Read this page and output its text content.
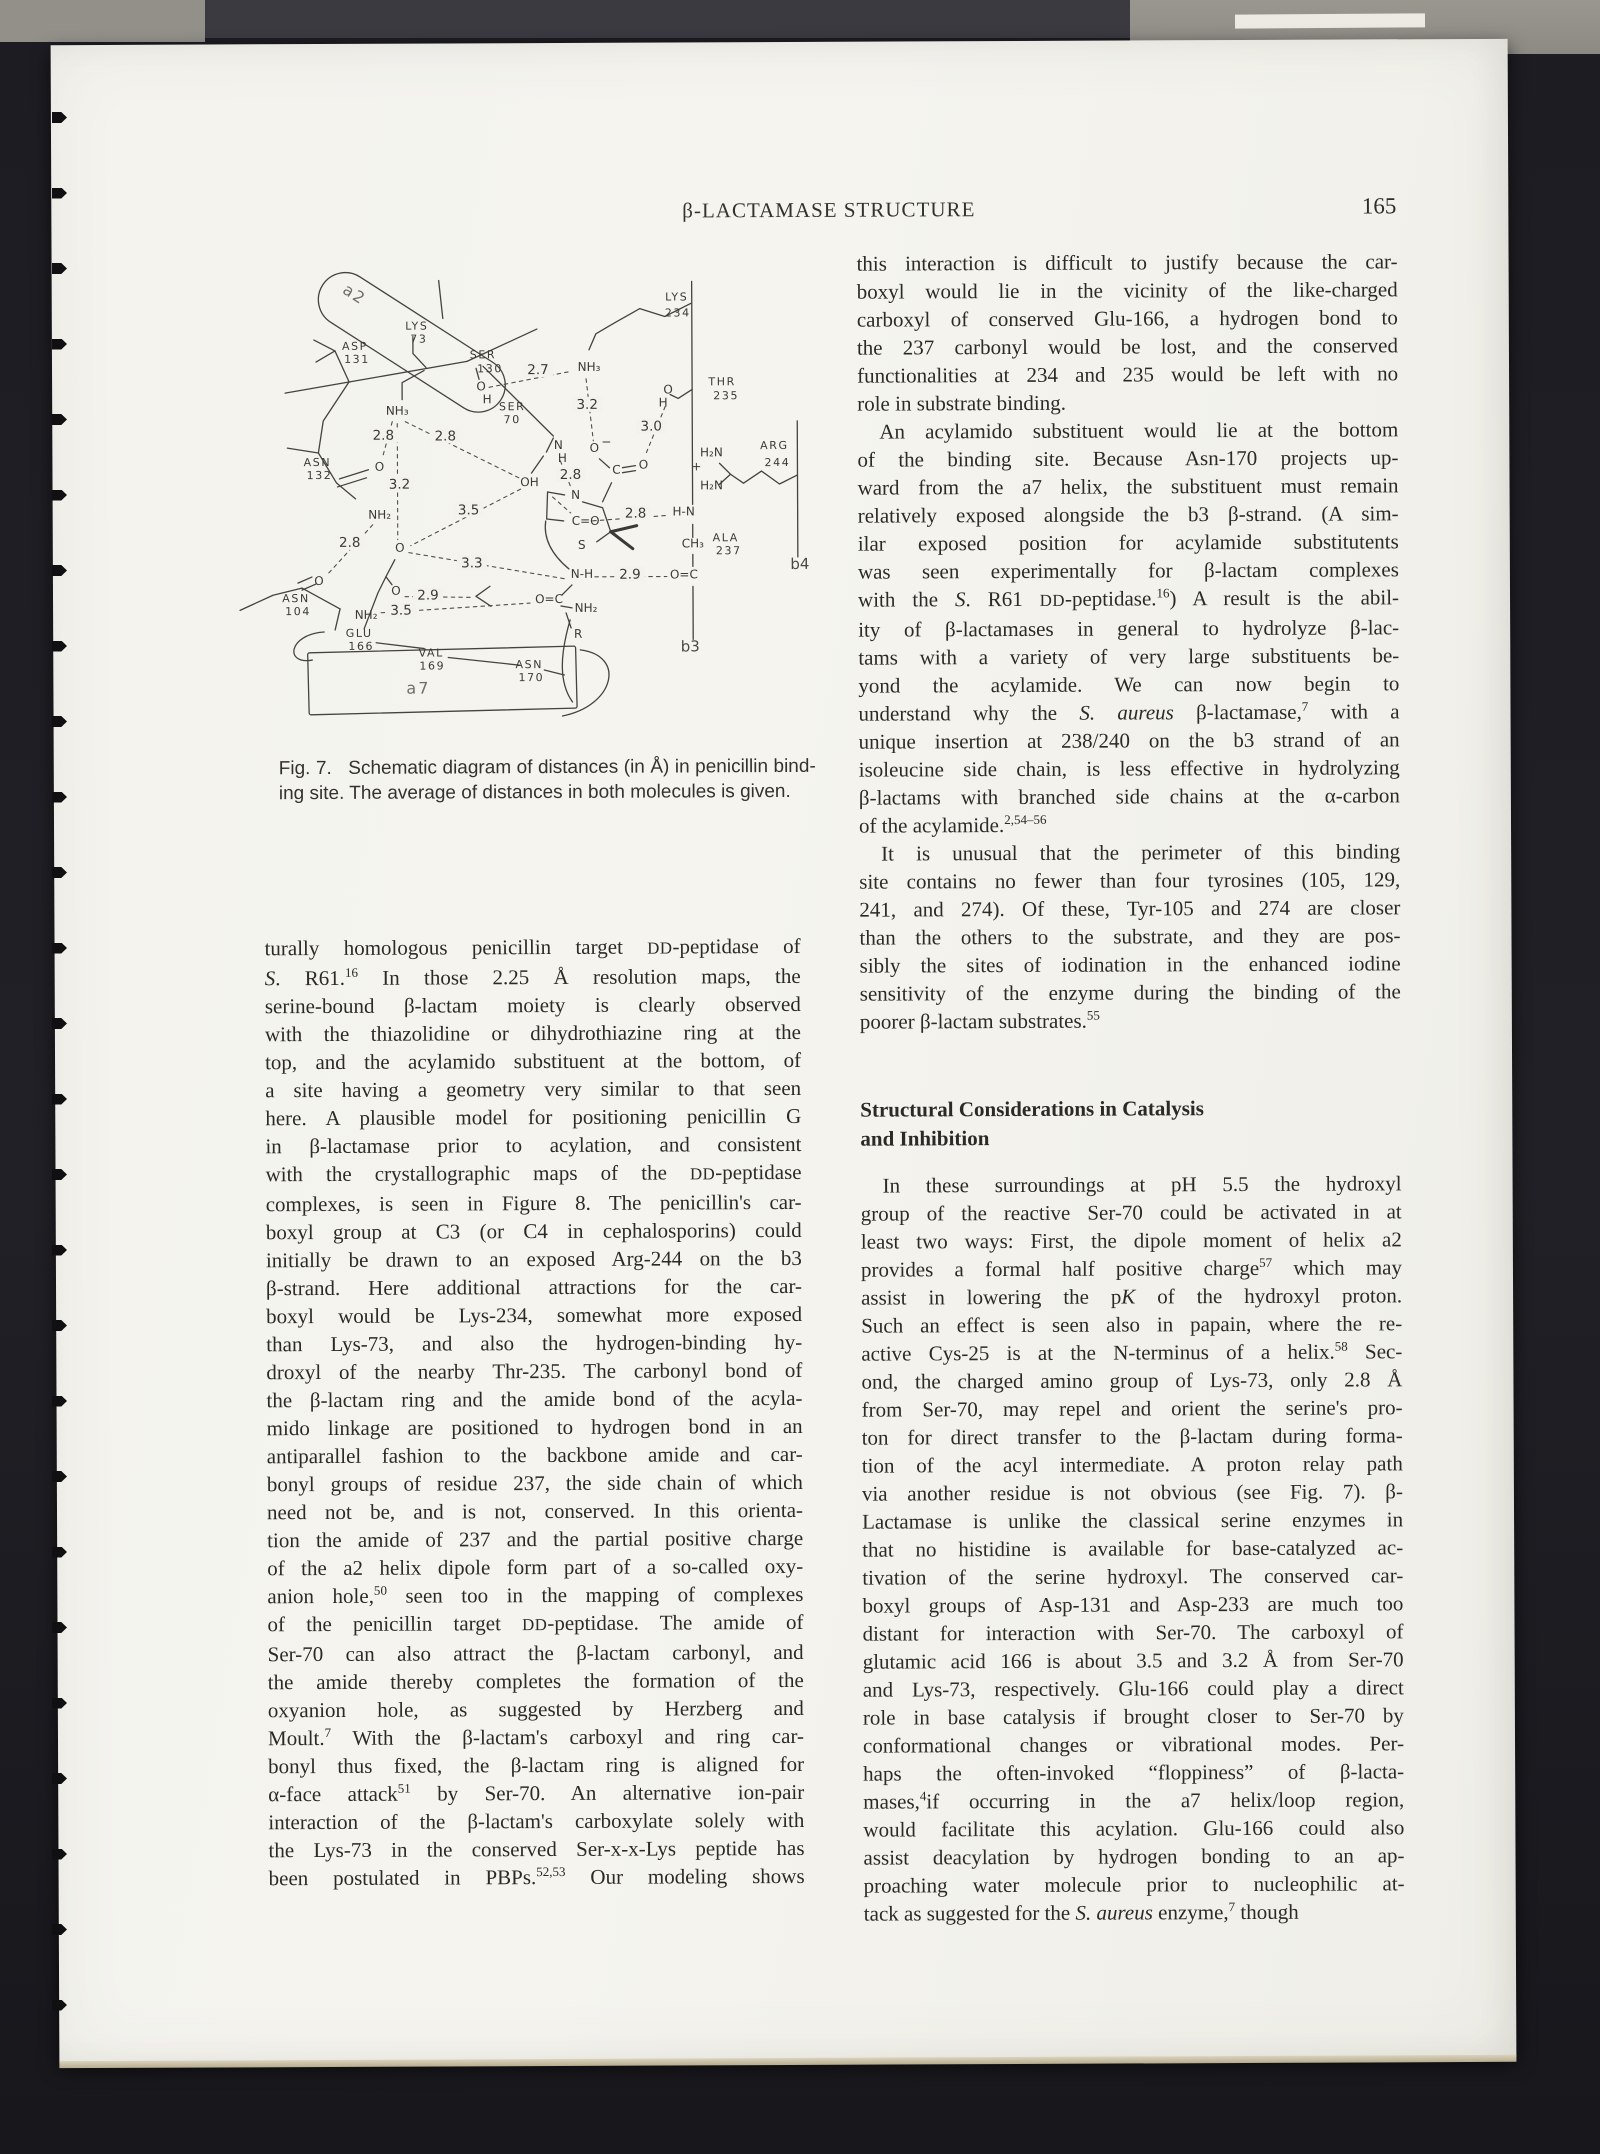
β-LACTAMASE STRUCTURE	165
a2
LYS
73
ASP
131	SER
130
O
H
SER
70
NH₃
2.8	2.8
ASN
132
O
3.2	OH
N
H
NH₂
2.8	O
3.5
3.3
O 2.9
ASN
104
O
NH₂ 3.5
GLU
166
VAL
169	ASN
170
a7
LYS
234
NH₃
2.7
3.2
THR
235
O
H
3.0
ARG
244
H₂N
+
H₂N
O −
C O
2.8
N
C=O 2.8 H-N
S	CH₃ ALA
237
N-H 2.9 O=C
O=C
NH₂
R
b4
b3
Fig. 7.   Schematic diagram of distances (in Å) in penicillin bind-
ing site. The average of distances in both molecules is given.
turally homologous penicillin target DD-peptidase of
S. R61.16 In those 2.25 Å resolution maps, the
serine-bound β-lactam moiety is clearly observed
with the thiazolidine or dihydrothiazine ring at the
top, and the acylamido substituent at the bottom, of
a site having a geometry very similar to that seen
here. A plausible model for positioning penicillin G
in β-lactamase prior to acylation, and consistent
with the crystallographic maps of the DD-peptidase
complexes, is seen in Figure 8. The penicillin's car-
boxyl group at C3 (or C4 in cephalosporins) could
initially be drawn to an exposed Arg-244 on the b3
β-strand. Here additional attractions for the car-
boxyl would be Lys-234, somewhat more exposed
than Lys-73, and also the hydrogen-binding hy-
droxyl of the nearby Thr-235. The carbonyl bond of
the β-lactam ring and the amide bond of the acyla-
mido linkage are positioned to hydrogen bond in an
antiparallel fashion to the backbone amide and car-
bonyl groups of residue 237, the side chain of which
need not be, and is not, conserved. In this orienta-
tion the amide of 237 and the partial positive charge
of the a2 helix dipole form part of a so-called oxy-
anion hole,$^{50}$ seen too in the mapping of complexes
of the penicillin target DD-peptidase. The amide of
Ser-70 can also attract the β-lactam carbonyl, and
the amide thereby completes the formation of the
oxyanion hole, as suggested by Herzberg and
Moult.$^7$ With the β-lactam's carboxyl and ring car-
bonyl thus fixed, the β-lactam ring is aligned for
α-face attack$^{51}$ by Ser-70. An alternative ion-pair
interaction of the β-lactam's carboxylate solely with
the Lys-73 in the conserved Ser-x-x-Lys peptide has
been postulated in PBPs.$^{52,53}$ Our modeling shows
this interaction is difficult to justify because the car-
boxyl would lie in the vicinity of the like-charged
carboxyl of conserved Glu-166, a hydrogen bond to
the 237 carbonyl would be lost, and the conserved
functionalities at 234 and 235 would be left with no
role in substrate binding.
An acylamido substituent would lie at the bottom
of the binding site. Because Asn-170 projects up-
ward from the a7 helix, the substituent must remain
relatively exposed alongside the b3 β-strand. (A sim-
ilar exposed position for acylamide substitutents
was seen experimentally for β-lactam complexes
with the S. R61 DD-peptidase.$^{16}$) A result is the abil-
ity of β-lactamases in general to hydrolyze β-lac-
tams with a variety of very large substituents be-
yond the acylamide. We can now begin to
understand why the S. aureus β-lactamase,$^7$ with a
unique insertion at 238/240 on the b3 strand of an
isoleucine side chain, is less effective in hydrolyzing
β-lactams with branched side chains at the α-carbon
of the acylamide.$^{2,54-56}$
It is unusual that the perimeter of this binding
site contains no fewer than four tyrosines (105, 129,
241, and 274). Of these, Tyr-105 and 274 are closer
than the others to the substrate, and they are pos-
sibly the sites of iodination in the enhanced iodine
sensitivity of the enzyme during the binding of the
poorer β-lactam substrates.$^{55}$
Structural Considerations in Catalysis
and Inhibition
In these surroundings at pH 5.5 the hydroxyl
group of the reactive Ser-70 could be activated in at
least two ways: First, the dipole moment of helix a2
provides a formal half positive charge$^{57}$ which may
assist in lowering the pK of the hydroxyl proton.
Such an effect is seen also in papain, where the re-
active Cys-25 is at the N-terminus of a helix.$^{58}$ Sec-
ond, the charged amino group of Lys-73, only 2.8 Å
from Ser-70, may repel and orient the serine's pro-
ton for direct transfer to the β-lactam during forma-
tion of the acyl intermediate. A proton relay path
via another residue is not obvious (see Fig. 7). β-
Lactamase is unlike the classical serine enzymes in
that no histidine is available for base-catalyzed ac-
tivation of the serine hydroxyl. The conserved car-
boxyl groups of Asp-131 and Asp-233 are much too
distant for interaction with Ser-70. The carboxyl of
glutamic acid 166 is about 3.5 and 3.2 Å from Ser-70
and Lys-73, respectively. Glu-166 could play a direct
role in base catalysis if brought closer to Ser-70 by
conformational changes or vibrational modes. Per-
haps the often-invoked “floppiness” of β-lacta-
mases,$^4$if occurring in the a7 helix/loop region,
would facilitate this acylation. Glu-166 could also
assist deacylation by hydrogen bonding to an ap-
proaching water molecule prior to nucleophilic at-
tack as suggested for the S. aureus enzyme,$^7$ though
